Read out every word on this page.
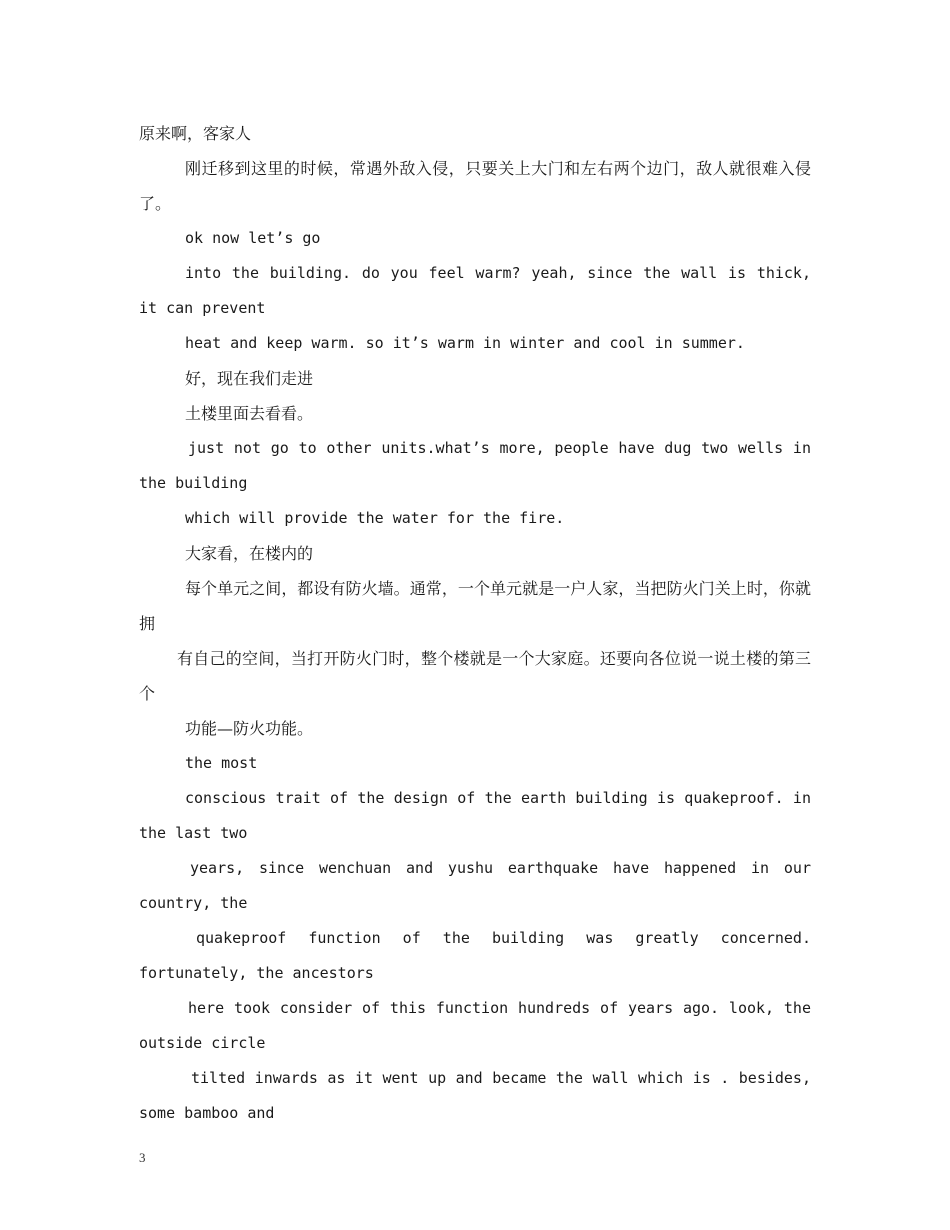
原来啊，客家人

刚迁移到这里的时候，常遇外敌入侵，只要关上大门和左右两个边门，敌人就很难入侵了。

ok now let’s go

into the building. do you feel warm? yeah, since the wall is thick, it can prevent

heat and keep warm. so it’s warm in winter and cool in summer.

好，现在我们走进

土楼里面去看看。

just not go to other units.what’s more, people have dug two wells in the building

which will provide the water for the fire.

大家看，在楼内的

每个单元之间，都设有防火墙。通常，一个单元就是一户人家，当把防火门关上时，你就拥

有自己的空间，当打开防火门时，整个楼就是一个大家庭。还要向各位说一说土楼的第三个

功能—防火功能。

the most

conscious trait of the design of the earth building is quakeproof. in the last two

years, since wenchuan and yushu earthquake have happened in our country, the

quakeproof function of the building was greatly concerned. fortunately, the ancestors

here took consider of this function hundreds of years ago. look, the outside circle

tilted inwards as it went up and became the wall which is . besides, some bamboo and

3
